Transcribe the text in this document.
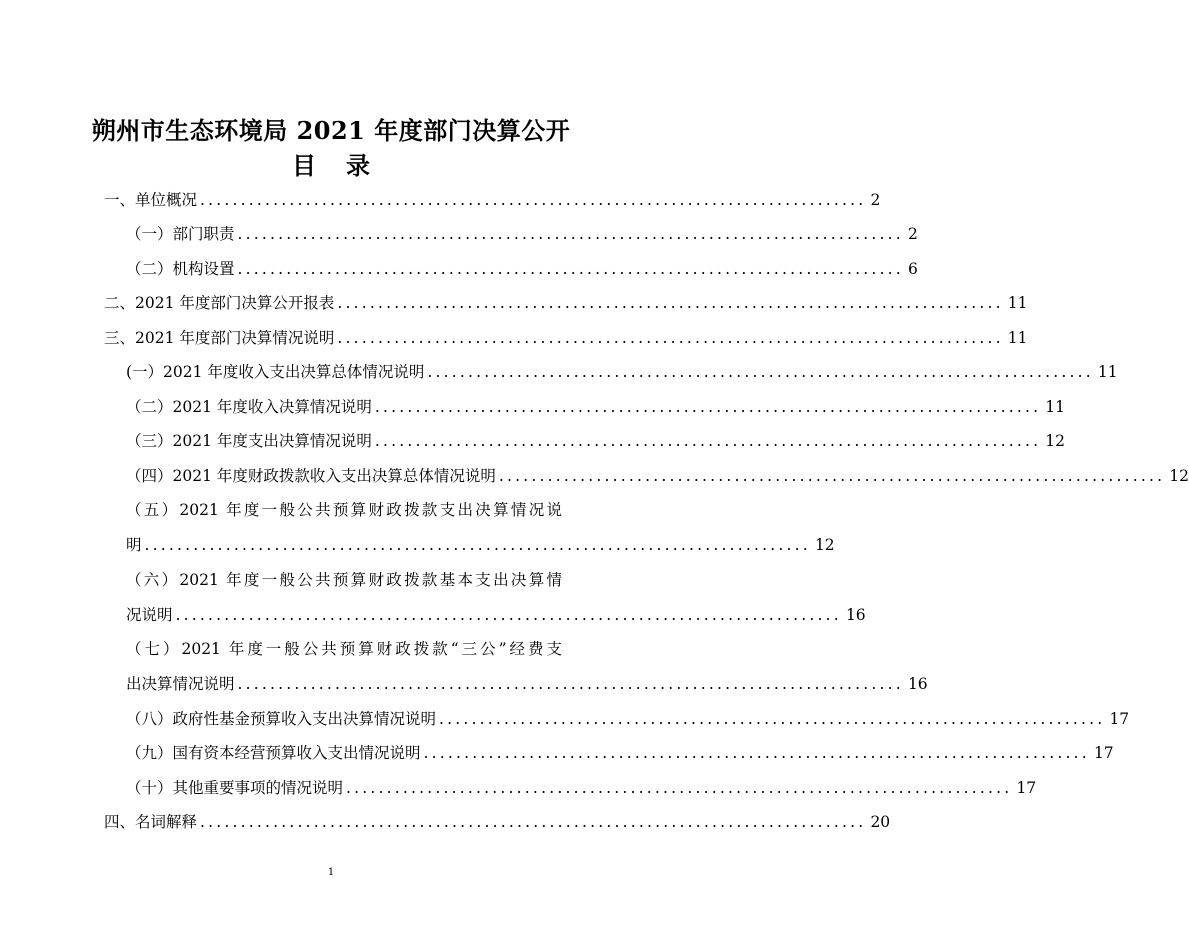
朔州市生态环境局 2021 年度部门决算公开
目录
一、单位概况 .................................................................................. 2
（一）部门职责 .................................................................................. 2
（二）机构设置 .................................................................................. 6
二、2021 年度部门决算公开报表 .................................................................................. 11
三、2021 年度部门决算情况说明 .................................................................................. 11
(一）2021 年度收入支出决算总体情况说明 .................................................................................. 11
（二）2021 年度收入决算情况说明 .................................................................................. 11
（三）2021 年度支出决算情况说明 .................................................................................. 12
（四）2021 年度财政拨款收入支出决算总体情况说明 .................................................................................. 12
（五）2021 年度一般公共预算财政拨款支出决算情况说
明 .................................................................................. 12
（六）2021 年度一般公共预算财政拨款基本支出决算情
况说明 .................................................................................. 16
（七）2021 年度一般公共预算财政拨款“三公”经费支
出决算情况说明 .................................................................................. 16
（八）政府性基金预算收入支出决算情况说明 .................................................................................. 17
（九）国有资本经营预算收入支出情况说明 .................................................................................. 17
（十）其他重要事项的情况说明 .................................................................................. 17
四、名词解释 .................................................................................. 20
1
